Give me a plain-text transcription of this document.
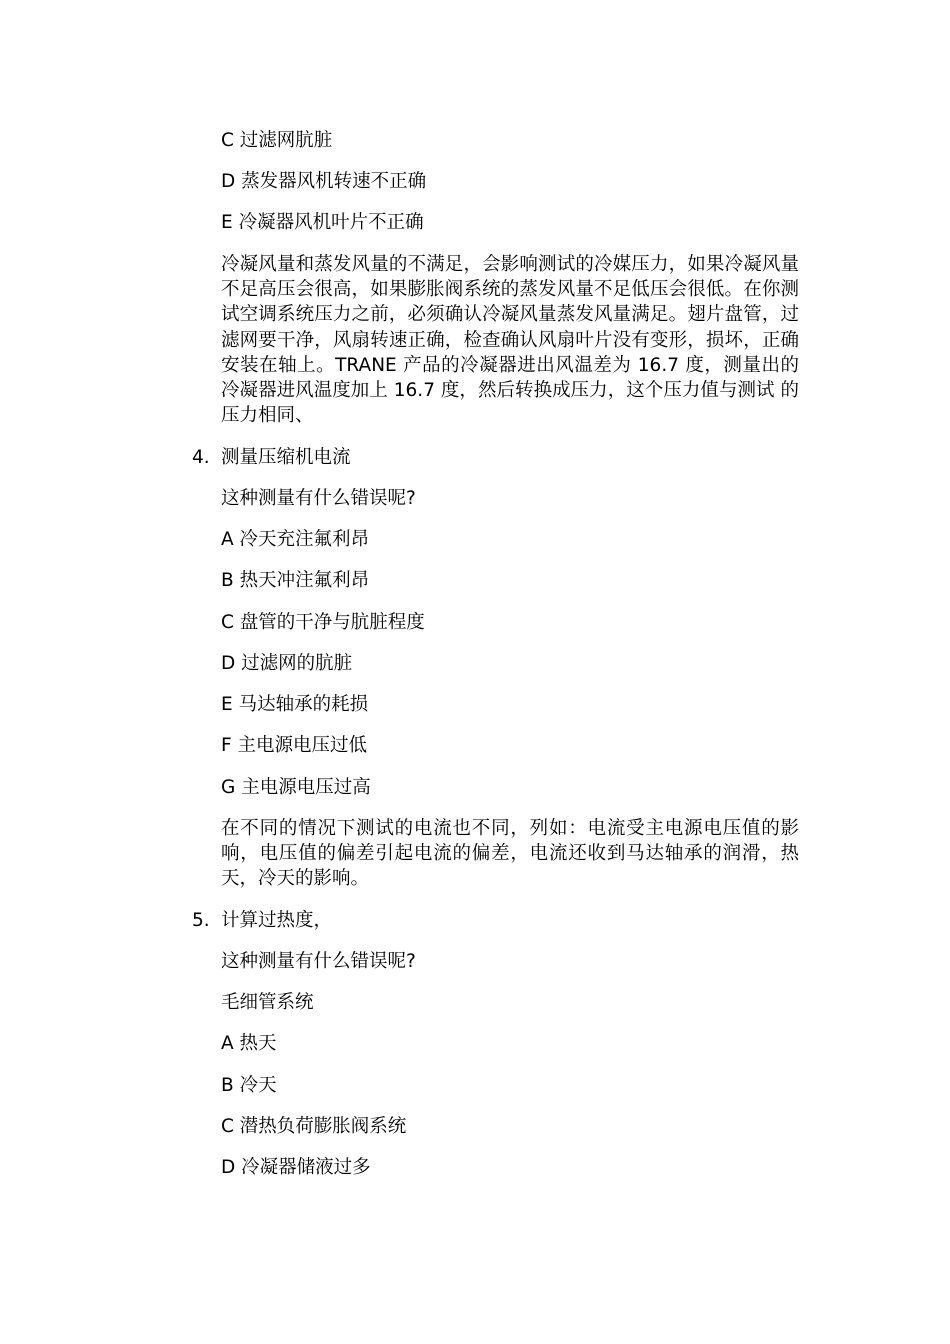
C 过滤网肮脏

D 蒸发器风机转速不正确

E 冷凝器风机叶片不正确

冷凝风量和蒸发风量的不满足，会影响测试的冷媒压力，如果冷凝风量不足高压会很高，如果膨胀阀系统的蒸发风量不足低压会很低。在你测试空调系统压力之前，必须确认冷凝风量蒸发风量满足。翅片盘管，过滤网要干净，风扇转速正确，检查确认风扇叶片没有变形，损坏，正确安装在轴上。TRANE 产品的冷凝器进出风温差为 16.7 度，测量出的冷凝器进风温度加上 16.7 度，然后转换成压力，这个压力值与测试 的压力相同、

4. 测量压缩机电流

这种测量有什么错误呢?

A 冷天充注氟利昂

B 热天冲注氟利昂

C 盘管的干净与肮脏程度

D 过滤网的肮脏

E 马达轴承的耗损

F 主电源电压过低

G 主电源电压过高

在不同的情况下测试的电流也不同，列如：电流受主电源电压值的影响，电压值的偏差引起电流的偏差，电流还收到马达轴承的润滑，热天，冷天的影响。

5. 计算过热度，

这种测量有什么错误呢?

毛细管系统

A 热天

B 冷天

C 潜热负荷膨胀阀系统

D 冷凝器储液过多
